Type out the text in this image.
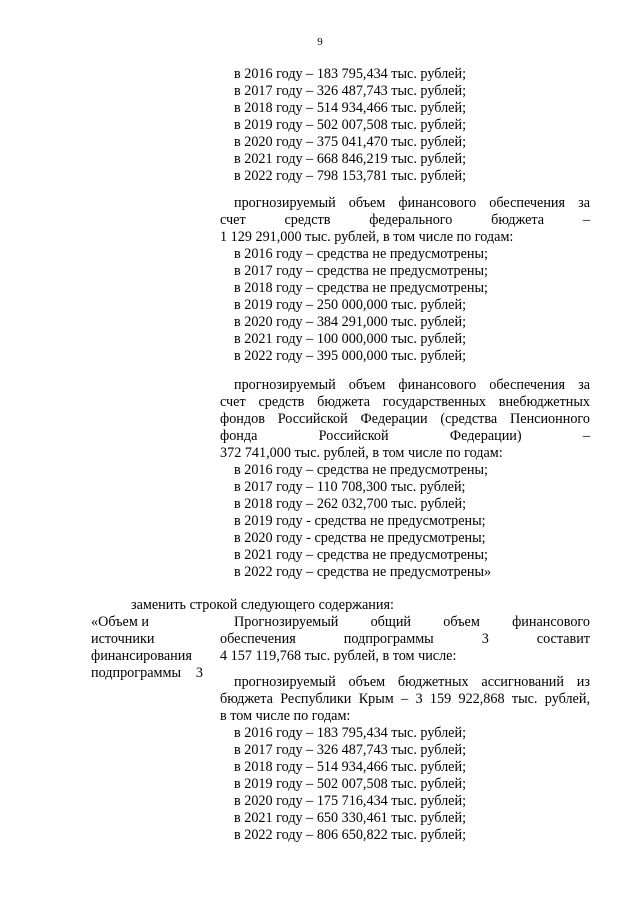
9
в 2016 году – 183 795,434 тыс. рублей;
в 2017 году – 326 487,743 тыс. рублей;
в 2018 году – 514 934,466 тыс. рублей;
в 2019 году – 502 007,508 тыс. рублей;
в 2020 году – 375 041,470 тыс. рублей;
в 2021 году – 668 846,219 тыс. рублей;
в 2022 году – 798 153,781 тыс. рублей;
прогнозируемый объем финансового обеспечения за
счет средств федерального бюджета –
1 129 291,000 тыс. рублей, в том числе по годам:
в 2016 году – средства не предусмотрены;
в 2017 году – средства не предусмотрены;
в 2018 году – средства не предусмотрены;
в 2019 году – 250 000,000 тыс. рублей;
в 2020 году – 384 291,000 тыс. рублей;
в 2021 году – 100 000,000 тыс. рублей;
в 2022 году – 395 000,000 тыс. рублей;
прогнозируемый объем финансового обеспечения за
счет средств бюджета государственных внебюджетных
фондов Российской Федерации (средства Пенсионного
фонда Российской Федерации) –
372 741,000 тыс. рублей, в том числе по годам:
в 2016 году – средства не предусмотрены;
в 2017 году – 110 708,300 тыс. рублей;
в 2018 году – 262 032,700 тыс. рублей;
в 2019 году - средства не предусмотрены;
в 2020 году - средства не предусмотрены;
в 2021 году – средства не предусмотрены;
в 2022 году – средства не предусмотрены»
заменить строкой следующего содержания:
«Объем и
источники
финансирования
подпрограммы 3
Прогнозируемый общий объем финансового
обеспечения подпрограммы 3 составит
4 157 119,768 тыс. рублей, в том числе:
прогнозируемый объем бюджетных ассигнований из
бюджета Республики Крым – 3 159 922,868 тыс. рублей,
в том числе по годам:
в 2016 году – 183 795,434 тыс. рублей;
в 2017 году – 326 487,743 тыс. рублей;
в 2018 году – 514 934,466 тыс. рублей;
в 2019 году – 502 007,508 тыс. рублей;
в 2020 году – 175 716,434 тыс. рублей;
в 2021 году – 650 330,461 тыс. рублей;
в 2022 году – 806 650,822 тыс. рублей;
